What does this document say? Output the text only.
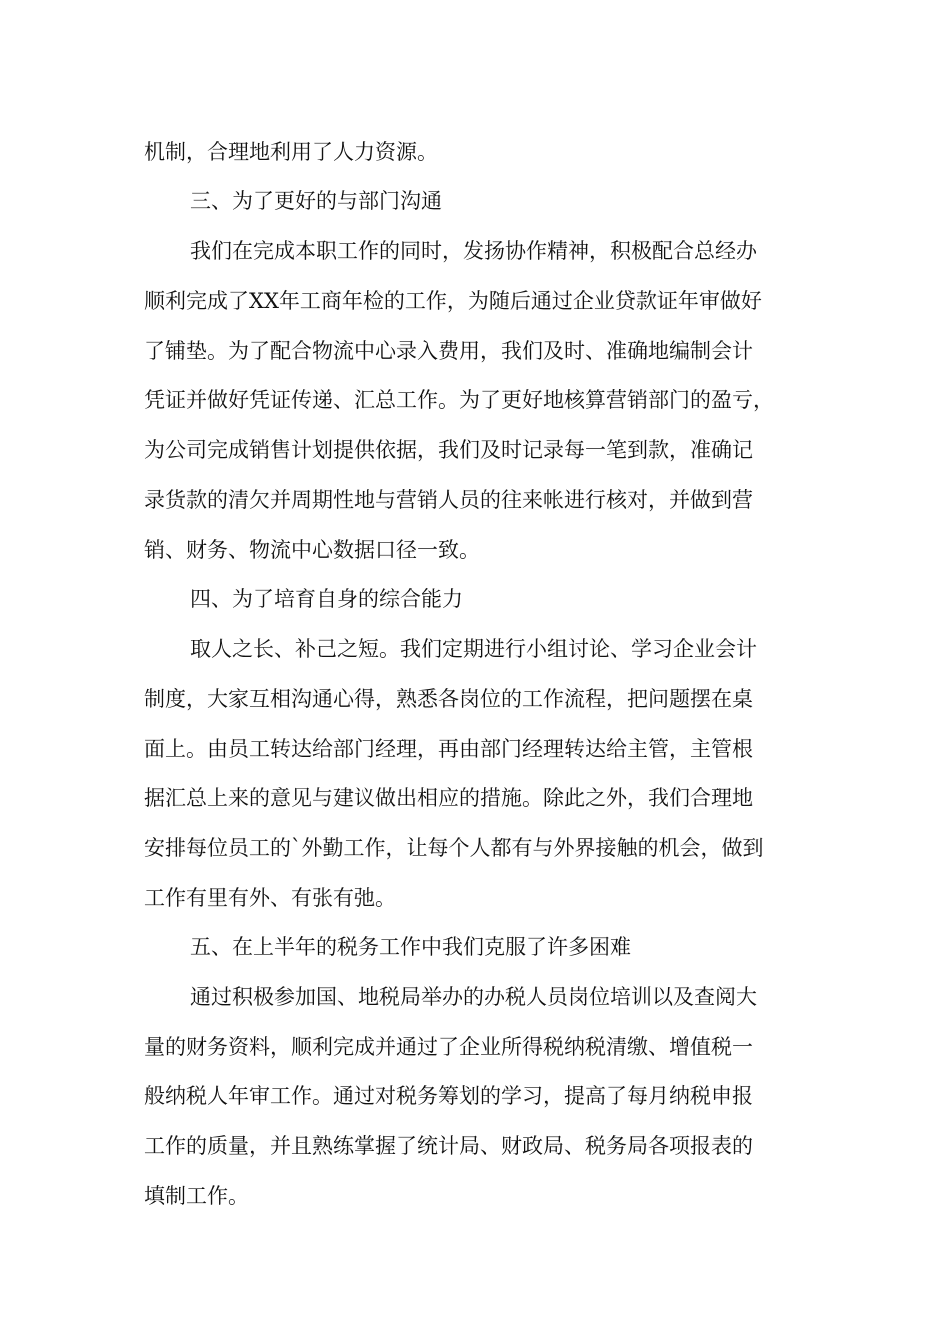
机制，合理地利用了人力资源。
三、为了更好的与部门沟通
我们在完成本职工作的同时，发扬协作精神，积极配合总经办
顺利完成了XX年工商年检的工作，为随后通过企业贷款证年审做好
了铺垫。为了配合物流中心录入费用，我们及时、准确地编制会计
凭证并做好凭证传递、汇总工作。为了更好地核算营销部门的盈亏，
为公司完成销售计划提供依据，我们及时记录每一笔到款，准确记
录货款的清欠并周期性地与营销人员的往来帐进行核对，并做到营
销、财务、物流中心数据口径一致。
四、为了培育自身的综合能力
取人之长、补己之短。我们定期进行小组讨论、学习企业会计
制度，大家互相沟通心得，熟悉各岗位的工作流程，把问题摆在桌
面上。由员工转达给部门经理，再由部门经理转达给主管，主管根
据汇总上来的意见与建议做出相应的措施。除此之外，我们合理地
安排每位员工的`外勤工作，让每个人都有与外界接触的机会，做到
工作有里有外、有张有弛。
五、在上半年的税务工作中我们克服了许多困难
通过积极参加国、地税局举办的办税人员岗位培训以及查阅大
量的财务资料，顺利完成并通过了企业所得税纳税清缴、增值税一
般纳税人年审工作。通过对税务筹划的学习，提高了每月纳税申报
工作的质量，并且熟练掌握了统计局、财政局、税务局各项报表的
填制工作。
